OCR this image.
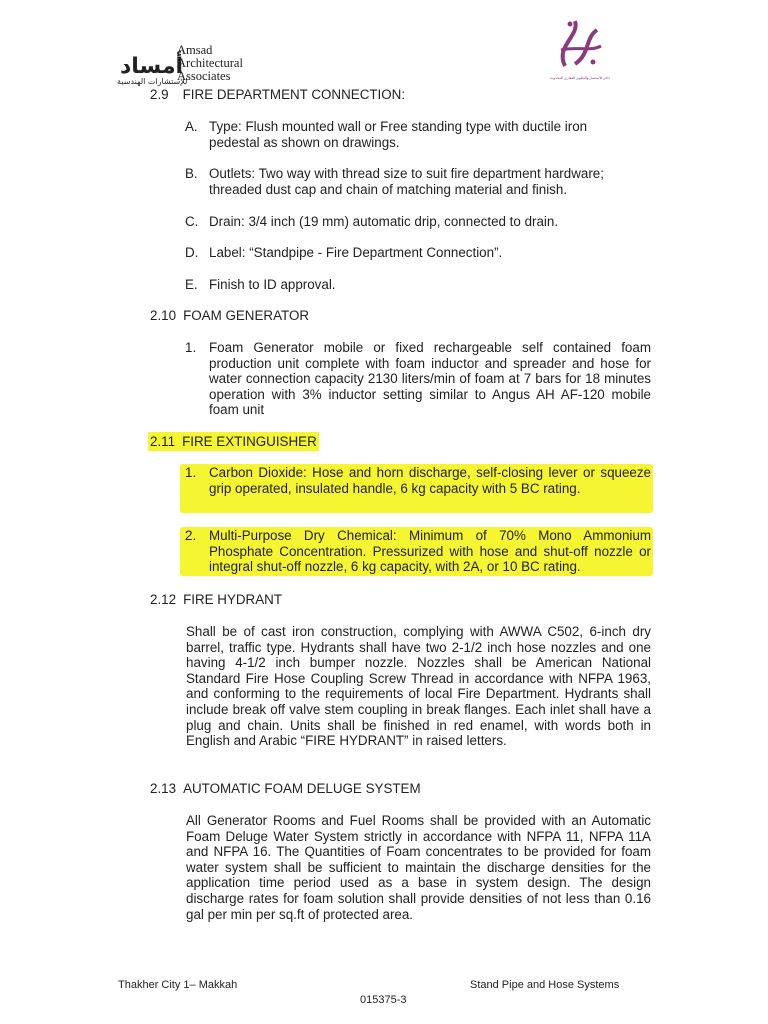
أمساد
للإستشارات الهندسية
Amsad
Architectural
Associates	ذاخر للاستثمار والتطوير العقاري المحدودة
2.9 FIRE DEPARTMENT CONNECTION:
A. Type: Flush mounted wall or Free standing type with ductile iron
pedestal as shown on drawings.
B. Outlets: Two way with thread size to suit fire department hardware;
threaded dust cap and chain of matching material and finish.
C. Drain: 3/4 inch (19 mm) automatic drip, connected to drain.
D. Label: “Standpipe - Fire Department Connection”.
E. Finish to ID approval.
2.10 FOAM GENERATOR
1. Foam Generator mobile or fixed rechargeable self contained foam production unit complete with foam inductor and spreader and hose for water connection capacity 2130 liters/min of foam at 7 bars for 18 minutes operation with 3% inductor setting similar to Angus AH AF-120 mobile foam unit
2.11 FIRE EXTINGUISHER
1. Carbon Dioxide: Hose and horn discharge, self-closing lever or squeeze grip operated, insulated handle, 6 kg capacity with 5 BC rating.
2. Multi-Purpose Dry Chemical: Minimum of 70% Mono Ammonium Phosphate Concentration. Pressurized with hose and shut-off nozzle or integral shut-off nozzle, 6 kg capacity, with 2A, or 10 BC rating.
2.12 FIRE HYDRANT
Shall be of cast iron construction, complying with AWWA C502, 6-inch dry barrel, traffic type. Hydrants shall have two 2-1/2 inch hose nozzles and one having 4-1/2 inch bumper nozzle. Nozzles shall be American National Standard Fire Hose Coupling Screw Thread in accordance with NFPA 1963, and conforming to the requirements of local Fire Department. Hydrants shall include break off valve stem coupling in break flanges. Each inlet shall have a plug and chain. Units shall be finished in red enamel, with words both in English and Arabic “FIRE HYDRANT” in raised letters.
2.13 AUTOMATIC FOAM DELUGE SYSTEM
All Generator Rooms and Fuel Rooms shall be provided with an Automatic Foam Deluge Water System strictly in accordance with NFPA 11, NFPA 11A and NFPA 16. The Quantities of Foam concentrates to be provided for foam water system shall be sufficient to maintain the discharge densities for the application time period used as a base in system design. The design discharge rates for foam solution shall provide densities of not less than 0.16 gal per min per sq.ft of protected area.
Thakher City 1– Makkah	Stand Pipe and Hose Systems
015375-3
